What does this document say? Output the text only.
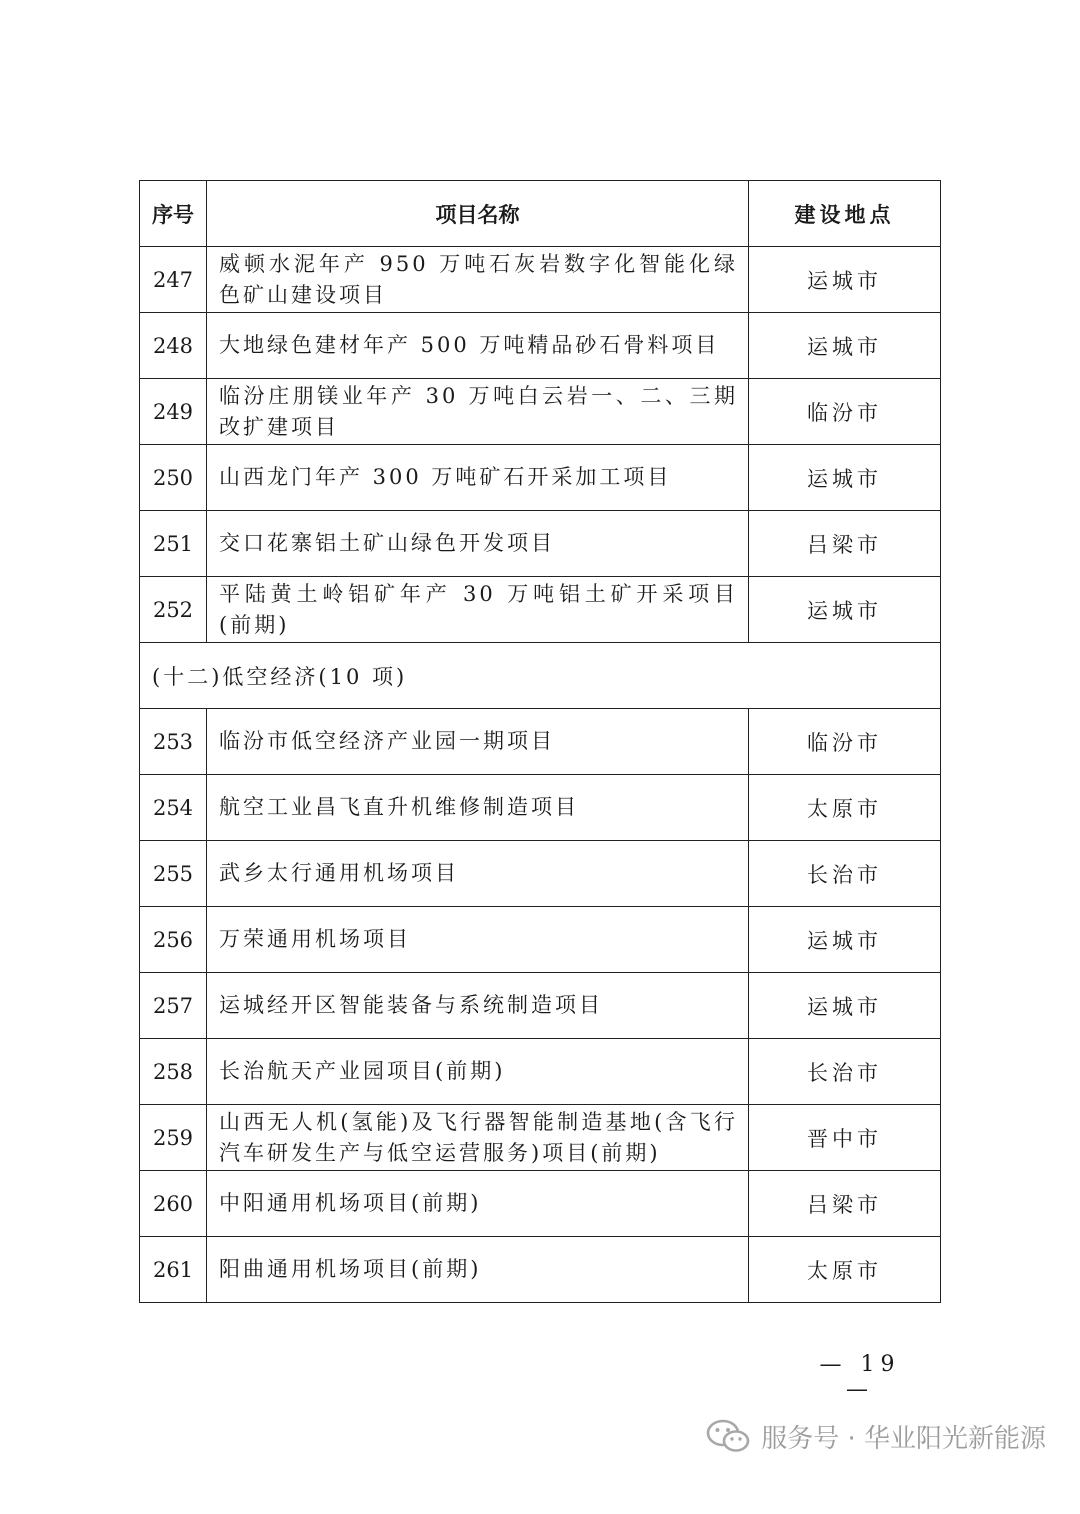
序号	项目名称	建设地点
247	威顿水泥年产 950 万吨石灰岩数字化智能化绿色矿山建设项目	运城市
248	大地绿色建材年产 500 万吨精品砂石骨料项目	运城市
249	临汾庄朋镁业年产 30 万吨白云岩一、二、三期改扩建项目	临汾市
250	山西龙门年产 300 万吨矿石开采加工项目	运城市
251	交口花寨铝土矿山绿色开发项目	吕梁市
252	平陆黄土岭铝矿年产 30 万吨铝土矿开采项目(前期)	运城市
(十二)低空经济(10 项)		
253	临汾市低空经济产业园一期项目	临汾市
254	航空工业昌飞直升机维修制造项目	太原市
255	武乡太行通用机场项目	长治市
256	万荣通用机场项目	运城市
257	运城经开区智能装备与系统制造项目	运城市
258	长治航天产业园项目(前期)	长治市
259	山西无人机(氢能)及飞行器智能制造基地(含飞行汽车研发生产与低空运营服务)项目(前期)	晋中市
260	中阳通用机场项目(前期)	吕梁市
261	阳曲通用机场项目(前期)	太原市
— 19 —
服务号 · 华业阳光新能源
